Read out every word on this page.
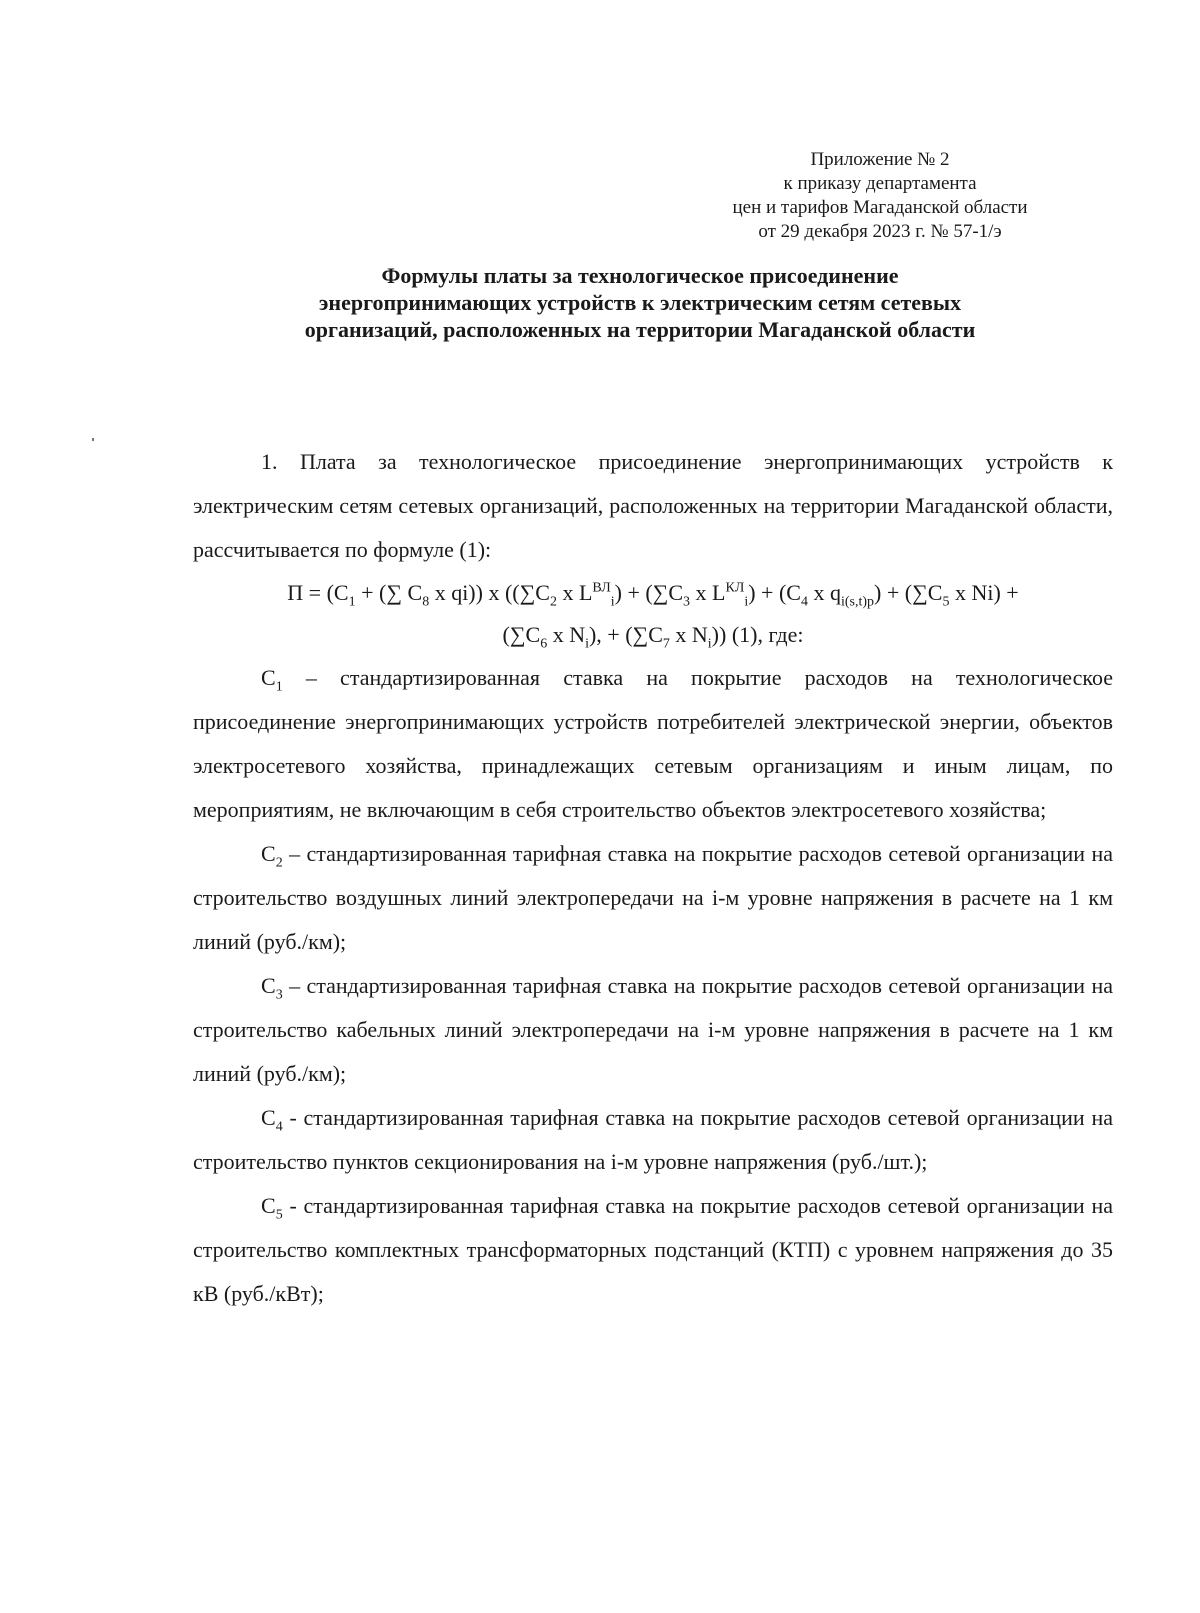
Приложение № 2
к приказу департамента
цен и тарифов Магаданской области
от 29 декабря 2023 г. № 57-1/э
Формулы платы за технологическое присоединение
энергопринимающих устройств к электрическим сетям сетевых
организаций, расположенных на территории Магаданской области

1. Плата за технологическое присоединение энергопринимающих устройств к электрическим сетям сетевых организаций, расположенных на территории Магаданской области, рассчитывается по формуле (1):

$П = (С_1$ + (∑ $С_8$ x qi)) x (($\sum С_2$ x $L^{ВЛ}_i) + (\sum С_3$ x $L^{КЛ}_i) + (С_4$ x $q_{i(s,t)p}) + (\sum С_5$ x Ni) +

($\sum С_6$ x $N_i$), + ($\sum С_7$ x $N_i$)) (1), где:

$С_1$ – стандартизированная ставка на покрытие расходов на технологическое присоединение энергопринимающих устройств потребителей электрической энергии, объектов электросетевого хозяйства, принадлежащих сетевым организациям и иным лицам, по мероприятиям, не включающим в себя строительство объектов электросетевого хозяйства;

$С_2$ – стандартизированная тарифная ставка на покрытие расходов сетевой организации на строительство воздушных линий электропередачи на i-м уровне напряжения в расчете на 1 км линий (руб./км);

$С_3$ – стандартизированная тарифная ставка на покрытие расходов сетевой организации на строительство кабельных линий электропередачи на i-м уровне напряжения в расчете на 1 км линий (руб./км);

$С_4$ - стандартизированная тарифная ставка на покрытие расходов сетевой организации на строительство пунктов секционирования на i-м уровне напряжения (руб./шт.);

$С_5$ - стандартизированная тарифная ставка на покрытие расходов сетевой организации на строительство комплектных трансформаторных подстанций (КТП) с уровнем напряжения до 35 кВ (руб./кВт);
